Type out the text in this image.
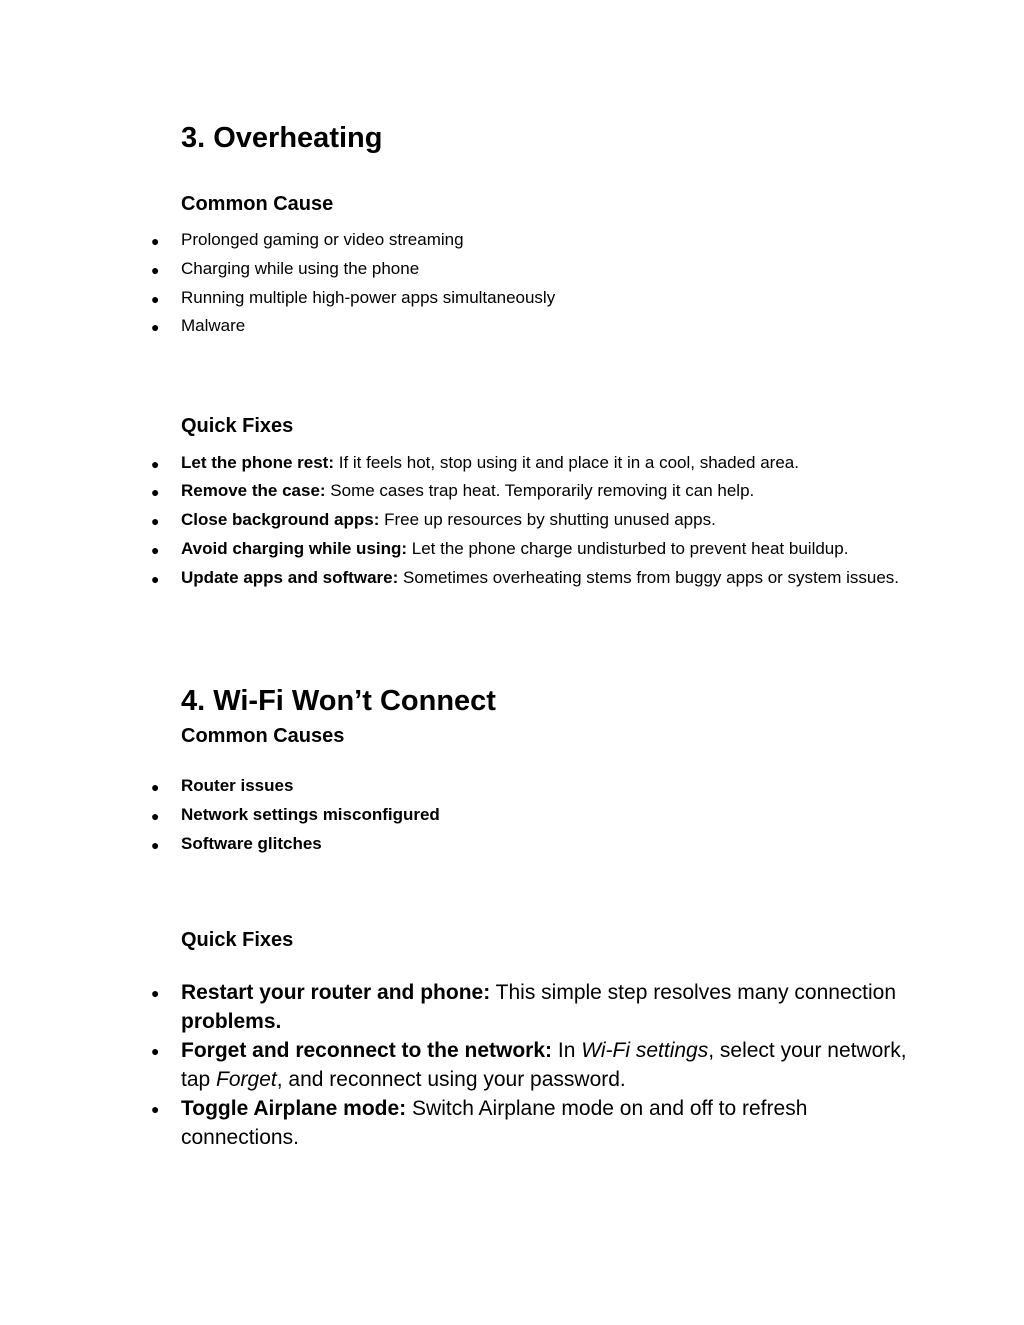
3. Overheating
Common Cause
● Prolonged gaming or video streaming
● Charging while using the phone
● Running multiple high-power apps simultaneously
● Malware
Quick Fixes
● Let the phone rest: If it feels hot, stop using it and place it in a cool, shaded area.
● Remove the case: Some cases trap heat. Temporarily removing it can help.
● Close background apps: Free up resources by shutting unused apps.
● Avoid charging while using: Let the phone charge undisturbed to prevent heat buildup.
● Update apps and software: Sometimes overheating stems from buggy apps or system issues.
4. Wi-Fi Won’t Connect
Common Causes
● Router issues
● Network settings misconfigured
● Software glitches
Quick Fixes
● Restart your router and phone: This simple step resolves many connection problems.
● Forget and reconnect to the network: In Wi-Fi settings, select your network, tap Forget, and reconnect using your password.
● Toggle Airplane mode: Switch Airplane mode on and off to refresh connections.
